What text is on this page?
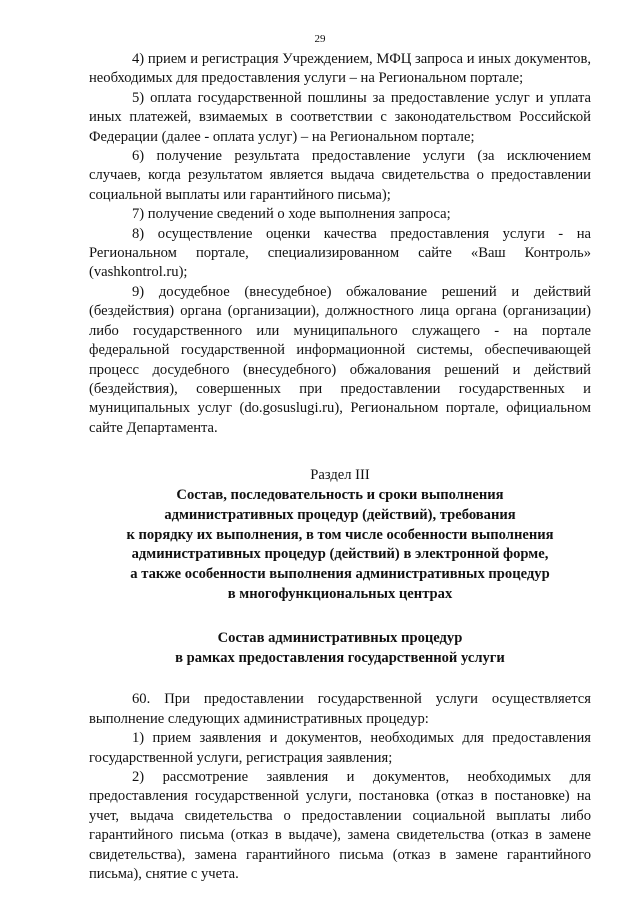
29

4) прием и регистрация Учреждением, МФЦ запроса и иных документов, необходимых для предоставления услуги – на Региональном портале;

5) оплата государственной пошлины за предоставление услуг и уплата иных платежей, взимаемых в соответствии с законодательством Российской Федерации (далее - оплата услуг) – на Региональном портале;

6) получение результата предоставление услуги (за исключением случаев, когда результатом является выдача свидетельства о предоставлении социальной выплаты или гарантийного письма);

7) получение сведений о ходе выполнения запроса;

8) осуществление оценки качества предоставления услуги - на Региональном портале, специализированном сайте «Ваш Контроль» (vashkontrol.ru);

9) досудебное (внесудебное) обжалование решений и действий (бездействия) органа (организации), должностного лица органа (организации) либо государственного или муниципального служащего - на портале федеральной государственной информационной системы, обеспечивающей процесс досудебного (внесудебного) обжалования решений и действий (бездействия), совершенных при предоставлении государственных и муниципальных услуг (do.gosuslugi.ru), Региональном портале, официальном сайте Департамента.

Раздел III

Состав, последовательность и сроки выполнения

административных процедур (действий), требования

к порядку их выполнения, в том числе особенности выполнения

административных процедур (действий) в электронной форме,

а также особенности выполнения административных процедур

в многофункциональных центрах

Состав административных процедур

в рамках предоставления государственной услуги

60. При предоставлении государственной услуги осуществляется выполнение следующих административных процедур:

1) прием заявления и документов, необходимых для предоставления государственной услуги, регистрация заявления;

2) рассмотрение заявления и документов, необходимых для предоставления государственной услуги, постановка (отказ в постановке) на учет, выдача свидетельства о предоставлении социальной выплаты либо гарантийного письма (отказ в выдаче), замена свидетельства (отказ в замене свидетельства), замена гарантийного письма (отказ в замене гарантийного письма), снятие с учета.
